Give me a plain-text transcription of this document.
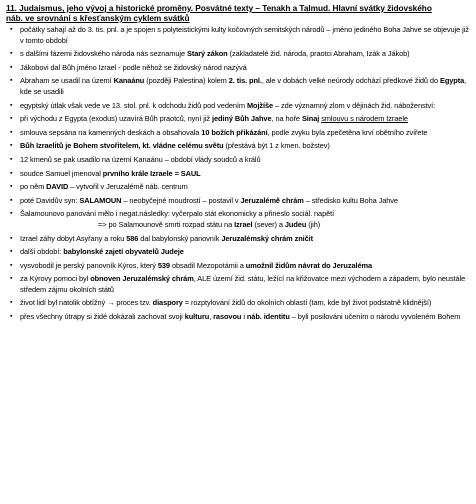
11. Judaismus, jeho vývoj a historické proměny. Posvátné texty – Tenakh a Talmud. Hlavní svátky židovského
náb. ve srovnání s křesťanským cyklem svátků
▪ počátky sahají až do 3. tis. pnl. a je spojen s polyteistickými kulty kočovných semitských národů – jméno jediného Boha Jahve se objevuje již v tomto období
▪ s dalšími fázemi židovského národa nás seznamuje Starý zákon (zakladatelé žid. národa, praotci Abraham, Izák a Jákob)
▪ Jákobovi dal Bůh jméno Izrael - podle něhož se židovský národ nazývá
▪ Abraham se usadil na území Kanaánu (později Palestina) kolem 2. tis. pnl., ale v dobách velké neúrody odchází předkové židů do Egypta, kde se usadili
▪ egyptský útlak však vede ve 13. stol. pnl. k odchodu židů pod vedením Mojžíše – zde významný zlom v dějinách žid. náboženství:
▪ při východu z Egypta (exodus) uzavírá Bůh praotců, nyní již jediný Bůh Jahve, na hoře Sinaj smlouvu s národem Izraele
▪ smlouva sepsána na kamenných deskách a obsahovala 10 božích přikázání, podle zvyku byla zpečetěna krví obětního zvířete
▪ Bůh Izraelitů je Bohem stvořitelem, kt. vládne celému světu (přestává být 1 z kmen. božstev)
▪ 12 kmenů se pak usadilo na území Kanaánu – období vlády soudců a králů
▪ soudce Samuel jmenoval prvního krále Izraele = SAUL
▪ po něm DAVID – vytvořil v Jeruzalémě náb. centrum
▪ poté Davidův syn: SALAMOUN – neobyčejné moudrostí – postavil v Jeruzalémě chrám – středisko kultu Boha Jahve
▪ Šalamounovo panování mělo i negat.následky: vyčerpalo stát ekonomicky a přineslo sociál. napětí
=> po Salamounově smrti rozpad státu na Izrael (sever) a Judeu (jih)
▪ Izrael záhy dobyt Asyřany a roku 586 dal babylonský panovník Jeruzalémský chrám zničit
▪ další období: babylonské zajetí obyvatelů Judeje
▪ vysvobodil je perský panovník Kýros, který 539 obsadil Mezopotámii a umožnil židům návrat do Jeruzaléma
▪ za Kýrovy pomoci byl obnoven Jeruzalémský chrám, ALE území žid. státu, ležící na křižovatce mezi východem a západem, bylo neustále středem zájmu okolních států
▪ život lidí byl natolik obtížný → proces tzv. diaspory = rozptylování židů do okolních oblastí (tam, kde byl život podstatně klidnější)
▪ přes všechny útrapy si židé dokázali zachovat svoji kulturu, rasovou i náb. identitu – byli posilováni učením o národu vyvoleném Bohem
